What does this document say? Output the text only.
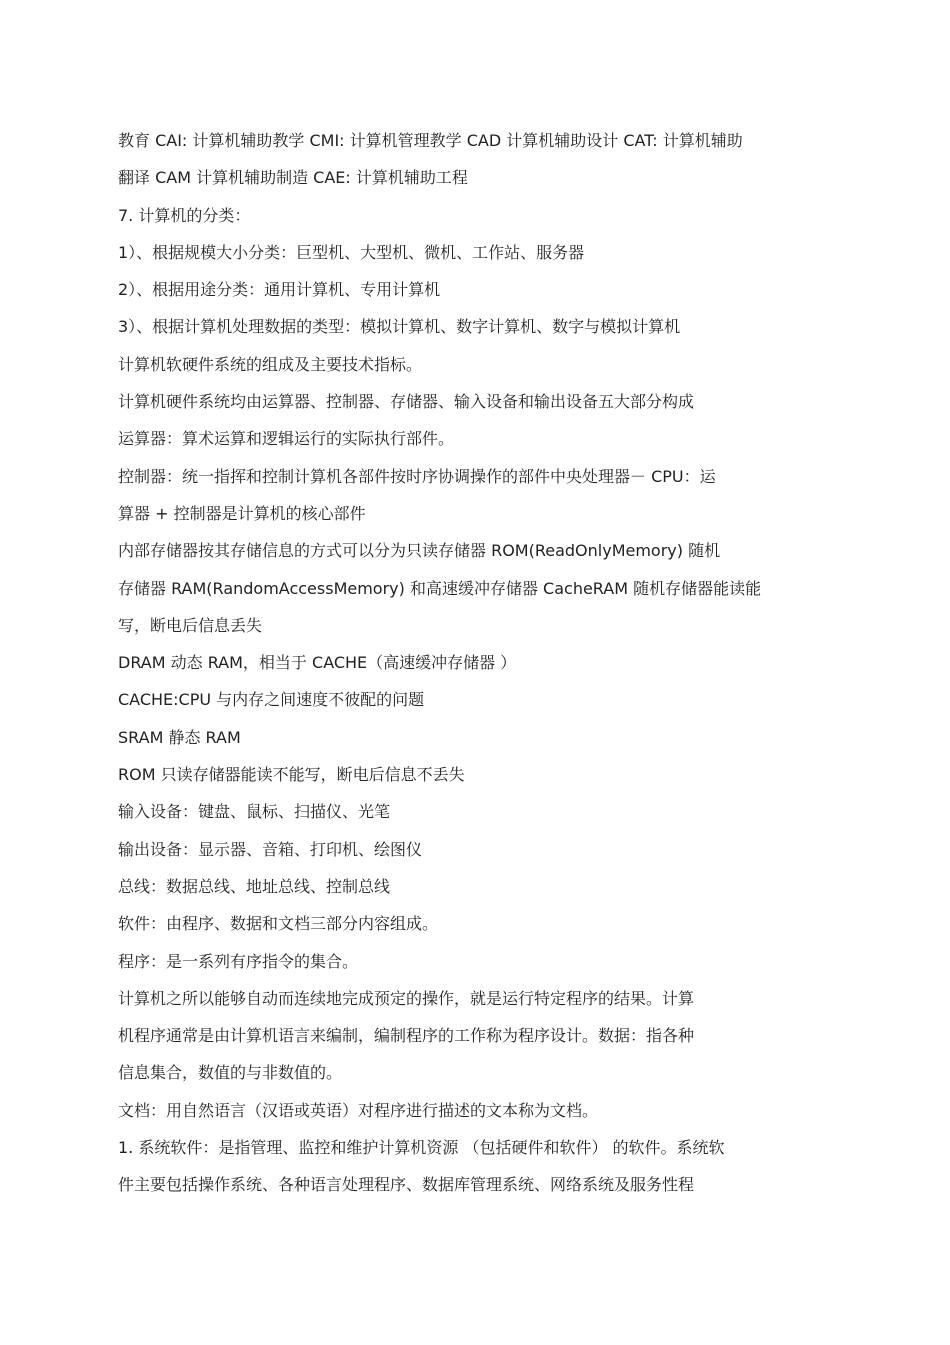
教育 CAI: 计算机辅助教学 CMI: 计算机管理教学 CAD 计算机辅助设计 CAT: 计算机辅助
翻译 CAM 计算机辅助制造 CAE: 计算机辅助工程
7. 计算机的分类：
1）、根据规模大小分类：巨型机、大型机、微机、工作站、服务器
2）、根据用途分类：通用计算机、专用计算机
3）、根据计算机处理数据的类型：模拟计算机、数字计算机、数字与模拟计算机
计算机软硬件系统的组成及主要技术指标。
计算机硬件系统均由运算器、控制器、存储器、输入设备和输出设备五大部分构成
运算器：算术运算和逻辑运行的实际执行部件。
控制器：统一指挥和控制计算机各部件按时序协调操作的部件中央处理器－ CPU：运
算器 + 控制器是计算机的核心部件
内部存储器按其存储信息的方式可以分为只读存储器 ROM(ReadOnlyMemory) 随机
存储器 RAM(RandomAccessMemory) 和高速缓冲存储器 CacheRAM 随机存储器能读能
写，断电后信息丢失
DRAM 动态 RAM，相当于 CACHE（高速缓冲存储器 ）
CACHE:CPU 与内存之间速度不彼配的问题
SRAM 静态 RAM
ROM 只读存储器能读不能写，断电后信息不丢失
输入设备：键盘、鼠标、扫描仪、光笔
输出设备：显示器、音箱、打印机、绘图仪
总线：数据总线、地址总线、控制总线
软件：由程序、数据和文档三部分内容组成。
程序：是一系列有序指令的集合。
计算机之所以能够自动而连续地完成预定的操作，就是运行特定程序的结果。计算
机程序通常是由计算机语言来编制，编制程序的工作称为程序设计。数据：指各种
信息集合，数值的与非数值的。
文档：用自然语言（汉语或英语）对程序进行描述的文本称为文档。
1. 系统软件：是指管理、监控和维护计算机资源 （包括硬件和软件） 的软件。系统软
件主要包括操作系统、各种语言处理程序、数据库管理系统、网络系统及服务性程
